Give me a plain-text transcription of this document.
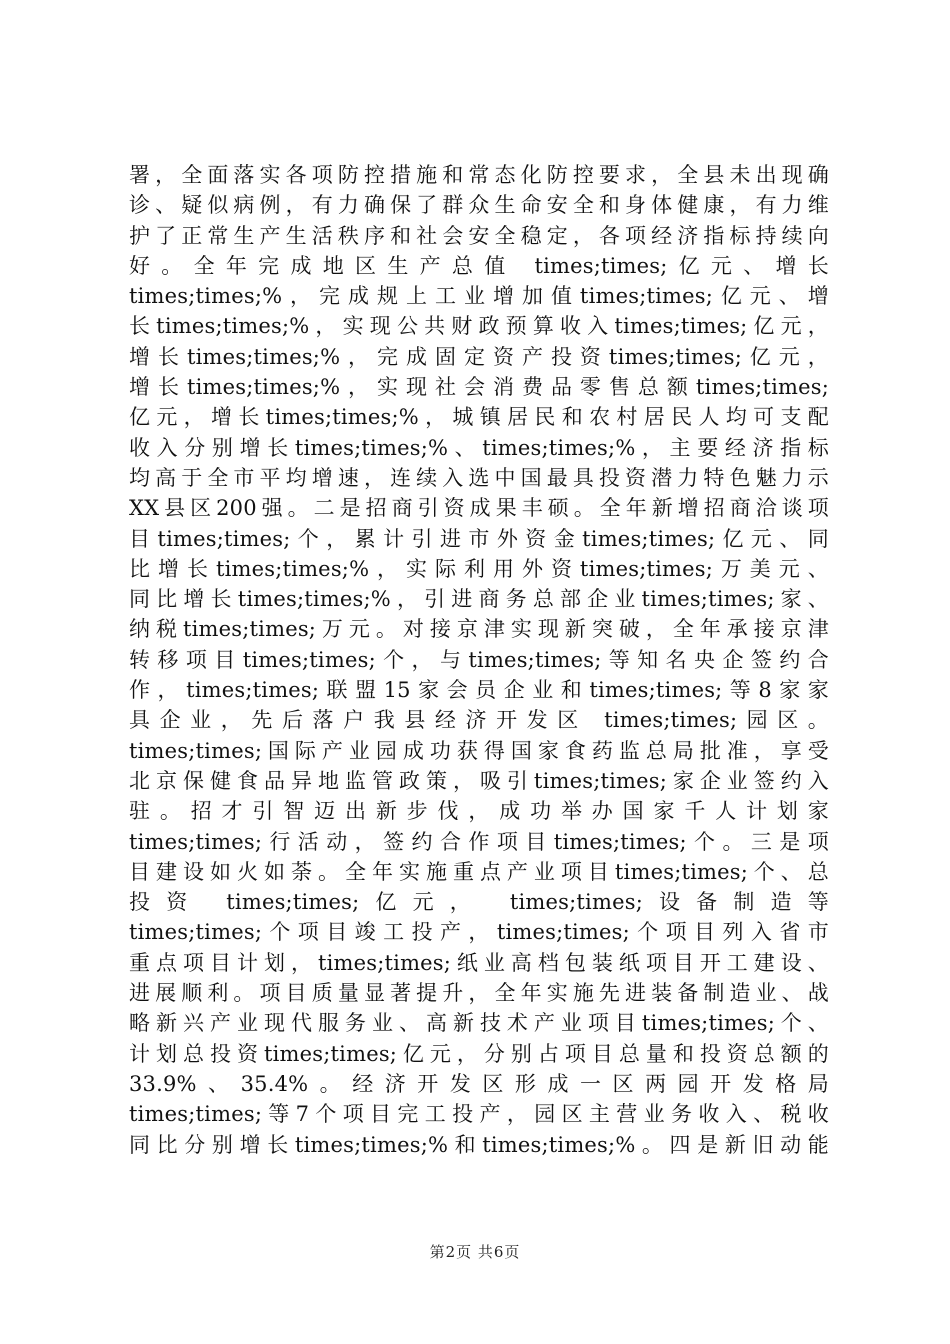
署，全面落实各项防控措施和常态化防控要求，全县未出现确
诊、疑似病例，有力确保了群众生命安全和身体健康，有力维
护了正常生产生活秩序和社会安全稳定，各项经济指标持续向
好。全年完成地区生产总值 times;times;亿元、增长
times;times;%，完成规上工业增加值times;times;亿元、增
长times;times;%，实现公共财政预算收入times;times;亿元，
增长times;times;%，完成固定资产投资times;times;亿元，
增长times;times;%，实现社会消费品零售总额times;times;
亿元，增长times;times;%，城镇居民和农村居民人均可支配
收入分别增长times;times;%、times;times;%，主要经济指标
均高于全市平均增速，连续入选中国最具投资潜力特色魅力示
XX县区200强。二是招商引资成果丰硕。全年新增招商洽谈项
目times;times;个，累计引进市外资金times;times;亿元、同
比增长times;times;%，实际利用外资times;times;万美元、
同比增长times;times;%，引进商务总部企业times;times;家、
纳税times;times;万元。对接京津实现新突破，全年承接京津
转移项目times;times;个，与times;times;等知名央企签约合
作，times;times;联盟15家会员企业和times;times;等8家家
具企业，先后落户我县经济开发区 times;times;园区。
times;times;国际产业园成功获得国家食药监总局批准，享受
北京保健食品异地监管政策，吸引times;times;家企业签约入
驻。招才引智迈出新步伐，成功举办国家千人计划家
times;times;行活动，签约合作项目times;times;个。三是项
目建设如火如荼。全年实施重点产业项目times;times;个、总
投资 times;times;亿元， times;times;设备制造等
times;times;个项目竣工投产，times;times;个项目列入省市
重点项目计划，times;times;纸业高档包装纸项目开工建设、
进展顺利。项目质量显著提升，全年实施先进装备制造业、战
略新兴产业现代服务业、高新技术产业项目times;times;个、
计划总投资times;times;亿元，分别占项目总量和投资总额的
33.9%、35.4%。经济开发区形成一区两园开发格局
times;times;等7个项目完工投产，园区主营业务收入、税收
同比分别增长times;times;%和times;times;%。四是新旧动能
第2页 共6页
